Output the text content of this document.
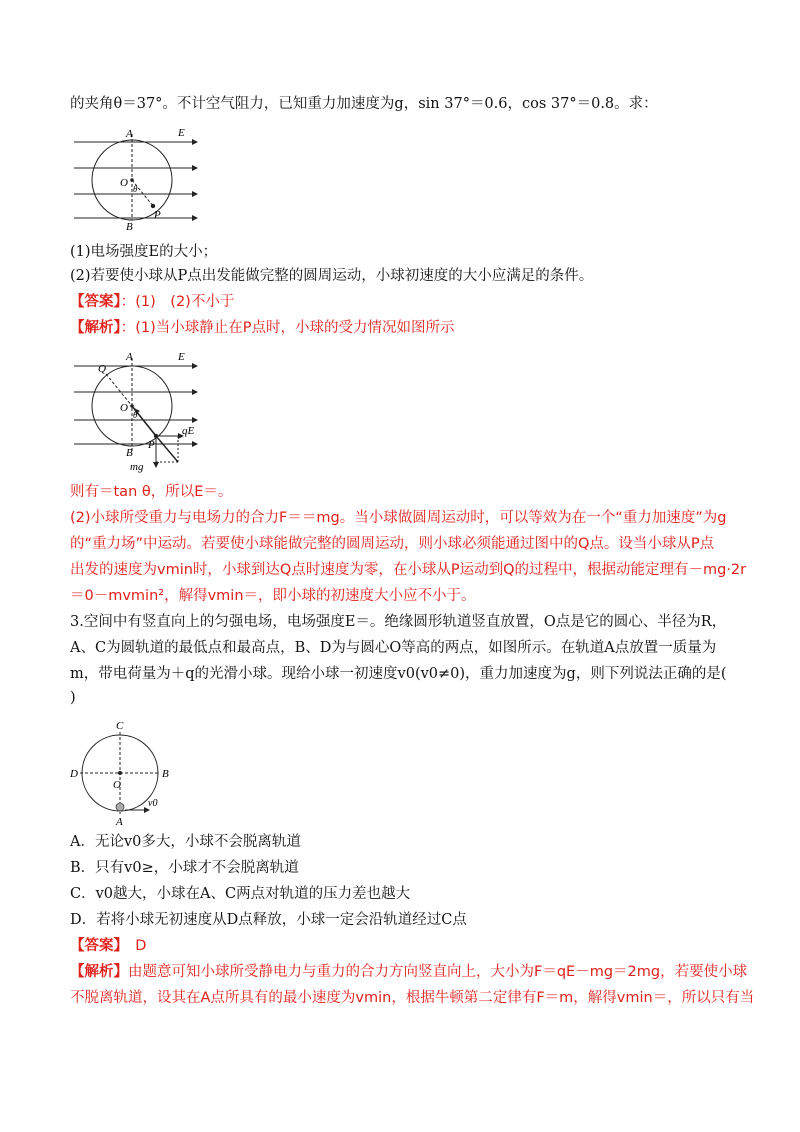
的夹角θ＝37°。不计空气阻力，已知重力加速度为g，sin 37°＝0.6，cos 37°＝0.8。求：
A
B
O θ
P
E
(1)电场强度E的大小；
(2)若要使小球从P点出发能做完整的圆周运动，小球初速度的大小应满足的条件。
【答案】：(1)　(2)不小于
【解析】：(1)当小球静止在P点时，小球的受力情况如图所示
A
Q
O
θ
P
B
E
qE
mg
则有＝tan θ，所以E＝。
(2)小球所受重力与电场力的合力F＝＝mg。当小球做圆周运动时，可以等效为在一个“重力加速度”为g
的“重力场”中运动。若要使小球能做完整的圆周运动，则小球必须能通过图中的Q点。设当小球从P点
出发的速度为vmin时，小球到达Q点时速度为零，在小球从P运动到Q的过程中，根据动能定理有－mg·2r
＝0－mvmin²，解得vmin＝，即小球的初速度大小应不小于。
3.空间中有竖直向上的匀强电场，电场强度E＝。绝缘圆形轨道竖直放置，O点是它的圆心、半径为R，
A、C为圆轨道的最低点和最高点，B、D为与圆心O等高的两点，如图所示。在轨道A点放置一质量为
m，带电荷量为＋q的光滑小球。现给小球一初速度v0(v0≠0)，重力加速度为g，则下列说法正确的是(
)
C
D	B
O
A
v0
A．无论v0多大，小球不会脱离轨道
B．只有v0≥，小球才不会脱离轨道
C．v0越大，小球在A、C两点对轨道的压力差也越大
D．若将小球无初速度从D点释放，小球一定会沿轨道经过C点
【答案】　D
【解析】由题意可知小球所受静电力与重力的合力方向竖直向上，大小为F＝qE－mg＝2mg，若要使小球
不脱离轨道，设其在A点所具有的最小速度为vmin，根据牛顿第二定律有F＝m，解得vmin＝，所以只有当
